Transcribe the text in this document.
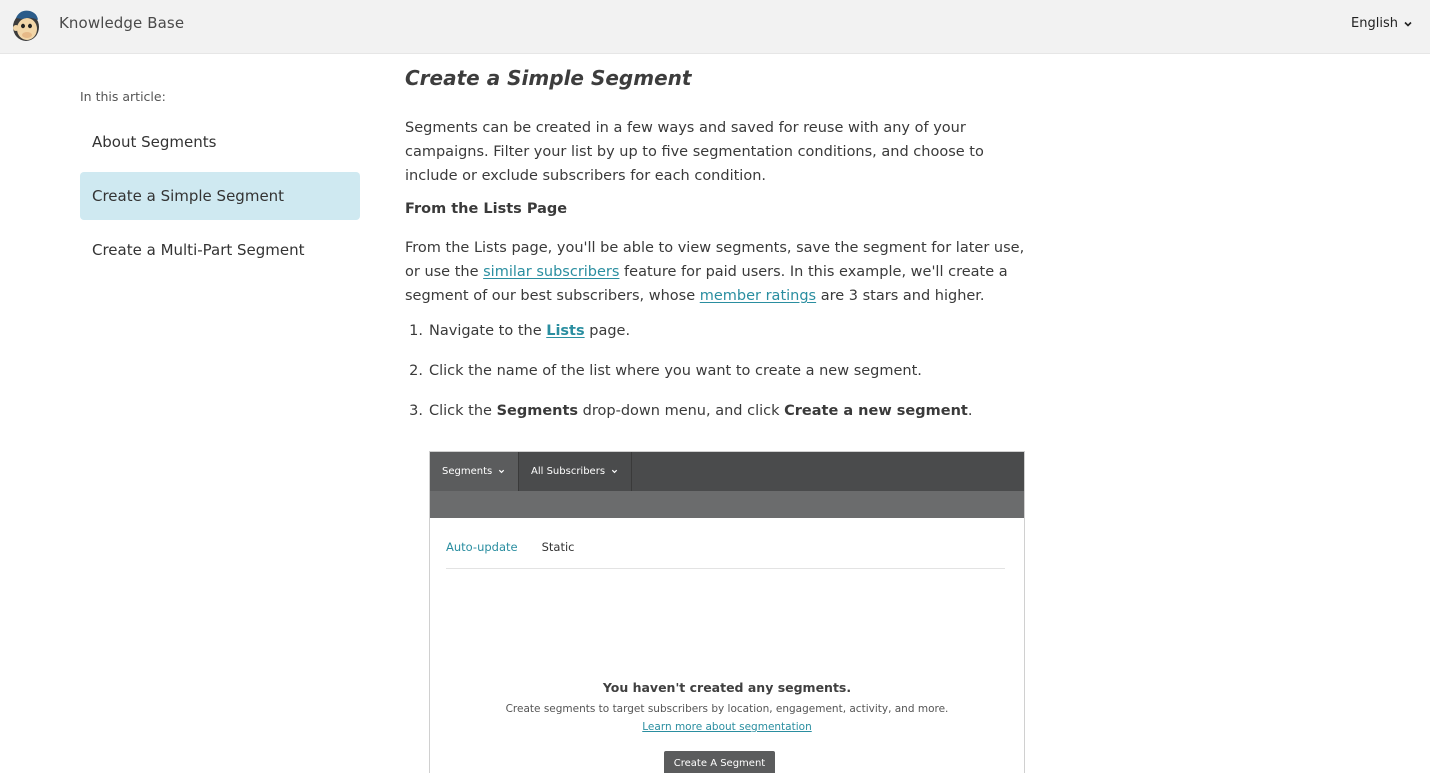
Knowledge Base	English
In this article:
About Segments
Create a Simple Segment
Create a Multi-Part Segment
Create a Simple Segment
Segments can be created in a few ways and saved for reuse with any of your campaigns. Filter your list by up to five segmentation conditions, and choose to include or exclude subscribers for each condition.
From the Lists Page
From the Lists page, you'll be able to view segments, save the segment for later use, or use the similar subscribers feature for paid users. In this example, we'll create a segment of our best subscribers, whose member ratings are 3 stars and higher.
1. Navigate to the Lists page.
2. Click the name of the list where you want to create a new segment.
3. Click the Segments drop-down menu, and click Create a new segment.
Segments	All Subscribers
Auto-update Static
You haven't created any segments.
Create segments to target subscribers by location, engagement, activity, and more.
Learn more about segmentation
Create A Segment
